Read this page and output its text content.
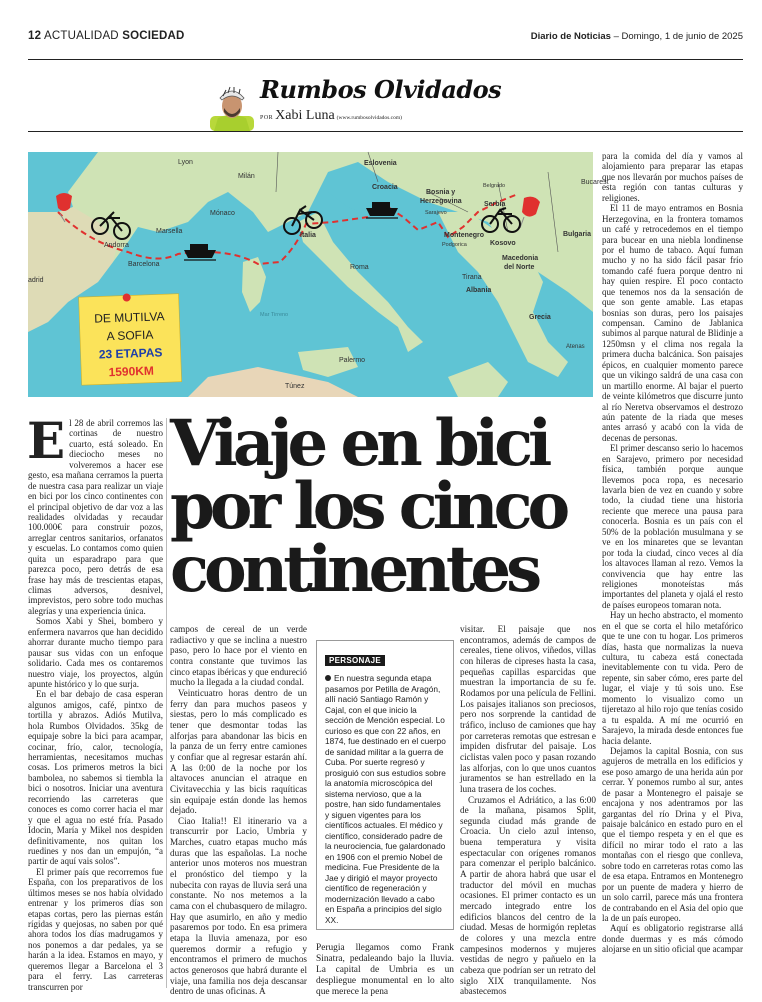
12 ACTUALIDAD SOCIEDAD	Diario de Noticias – Domingo, 1 de junio de 2025
Rumbos Olvidados
POR Xabi Luna (www.rumbosolvidados.com)
Lyon
Milán
Mónaco
Marsella
Andorra
Barcelona
adrid
Eslovenia
Croacia
Bosnia y
Herzegovina
Sarajevo
Belgrado
Serbia
Bucarest
Bulgaria
Montenegro
Podgorica	Kosovo
Macedonia
del Norte
Tirana
Albania
Grecia
Atenas
Roma
Italia
Mar Tirreno
Palermo
Túnez
DE MUTILVA
A SOFIA
23 ETAPAS
1590KM

El 28 de abril corremos las cortinas de nuestro cuarto, está soleado. En dieciocho meses no volveremos a hacer ese gesto, esa mañana cerramos la puerta de nuestra casa para realizar un viaje en bici por los cinco continentes con el principal objetivo de dar voz a las realidades olvidadas y recaudar 100.000€ para construir pozos, arreglar centros sanitarios, orfanatos y escuelas. Lo contamos como quien quita un esparadrapo para que parezca poco, pero detrás de esa frase hay más de trescientas etapas, climas adversos, desnivel, imprevistos, pero sobre todo muchas alegrías y una experiencia única.

Somos Xabi y Shei, bombero y enfermera navarros que han decidido ahorrar durante mucho tiempo para pausar sus vidas con un enfoque solidario. Cada mes os contaremos nuestro viaje, los proyectos, algún apunte histórico y lo que surja.

En el bar debajo de casa esperan algunos amigos, café, pintxo de tortilla y abrazos. Adiós Mutilva, hola Rumbos Olvidados. 35kg de equipaje sobre la bici para acampar, cocinar, frío, calor, tecnología, herramientas, necesitamos muchas cosas. Los primeros metros la bici bambolea, no sabemos si tiembla la bici o nosotros. Iniciar una aventura recorriendo las carreteras que conoces es como correr hacia el mar y que el agua no esté fría. Pasado Idocin, María y Mikel nos despiden definitivamente, nos quitan los ruedines y nos dan un empujón, “a partir de aquí vais solos”.

El primer país que recorremos fue España, con los preparativos de los últimos meses se nos había olvidado entrenar y los primeros días son etapas cortas, pero las piernas están rígidas y quejosas, no saben por qué ahora todos los días madrugamos y nos ponemos a dar pedales, ya se harán a la idea. Estamos en mayo, y queremos llegar a Barcelona el 3 para el ferry. Las carreteras transcurren por

Viaje en bici
por los cinco
continentes

campos de cereal de un verde radiactivo y que se inclina a nuestro paso, pero lo hace por el viento en contra constante que tuvimos las cinco etapas ibéricas y que endureció mucho la llegada a la ciudad condal.

Veinticuatro horas dentro de un ferry dan para muchos paseos y siestas, pero lo más complicado es tener que desmontar todas las alforjas para abandonar las bicis en la panza de un ferry entre camiones y confiar que al regresar estarán ahí. A las 0:00 de la noche por los altavoces anuncian el atraque en Civitavecchia y las bicis raquíticas sin equipaje están donde las hemos dejado.

Ciao Italia!! El itinerario va a transcurrir por Lacio, Umbria y Marches, cuatro etapas mucho más duras que las españolas. La noche anterior unos moteros nos muestran el pronóstico del tiempo y la nubecita con rayas de lluvia será una constante. No nos metemos a la cama con el chubasquero de milagro. Hay que asumirlo, en año y medio pasaremos por todo. En esa primera etapa la lluvia amenaza, por eso queremos dormir a refugio y encontramos el primero de muchos actos generosos que habrá durante el viaje, una familia nos deja descansar dentro de unas oficinas. A

PERSONAJE
En nuestra segunda etapa pasamos por Petilla de Aragón, allí nació Santiago Ramón y Cajal, con el que inicio la sección de Mención especial. Lo curioso es que con 22 años, en 1874, fue destinado en el cuerpo de sanidad militar a la guerra de Cuba. Por suerte regresó y prosiguió con sus estudios sobre la anatomía microscópica del sistema nervioso, que a la postre, han sido fundamentales y siguen vigentes para los científicos actuales. El médico y científico, considerado padre de la neurociencia, fue galardonado en 1906 con el premio Nobel de medicina. Fue Presidente de la Jae y dirigió el mayor proyecto científico de regeneración y modernización llevado a cabo en España a principios del siglo XX.

Perugia llegamos como Frank Sinatra, pedaleando bajo la lluvia. La capital de Umbria es un despliegue monumental en lo alto que merece la pena

visitar. El paisaje que nos encontramos, además de campos de cereales, tiene olivos, viñedos, villas con hileras de cipreses hasta la casa, pequeñas capillas esparcidas que muestran la importancia de su fe. Rodamos por una película de Fellini. Los paisajes italianos son preciosos, pero nos sorprende la cantidad de tráfico, incluso de camiones que hay por carreteras remotas que estresan e impiden disfrutar del paisaje. Los ciclistas valen poco y pasan rozando las alforjas, con lo que unos cuantos juramentos se han estrellado en la luna trasera de los coches.

Cruzamos el Adriático, a las 6:00 de la mañana, pisamos Split, segunda ciudad más grande de Croacia. Un cielo azul intenso, buena temperatura y visita espectacular con orígenes romanos para comenzar el periplo balcánico. A partir de ahora habrá que usar el traductor del móvil en muchas ocasiones. El primer contacto es un mercado integrado entre los edificios blancos del centro de la ciudad. Mesas de hormigón repletas de colores y una mezcla entre campesinos modernos y mujeres vestidas de negro y pañuelo en la cabeza que podrían ser un retrato del siglo XIX tranquilamente. Nos abastecemos

para la comida del día y vamos al alojamiento para preparar las etapas que nos llevarán por muchos países de esta región con tantas culturas y religiones.

El 11 de mayo entramos en Bosnia Herzegovina, en la frontera tomamos un café y retrocedemos en el tiempo para bucear en una niebla londinense por el humo de tabaco. Aquí fuman mucho y no ha sido fácil pasar frío tomando café fuera porque dentro ni hay quien respire. El poco contacto que tenemos nos da la sensación de que son gente amable. Las etapas bosnias son duras, pero los paisajes compensan. Camino de Jablanica subimos al parque natural de Blidinje a 1250msn y el clima nos regala la primera ducha balcánica. Son paisajes épicos, en cualquier momento parece que un vikingo saldrá de una casa con un martillo enorme. Al bajar el puerto de veinte kilómetros que discurre junto al río Neretva observamos el destrozo aún patente de la riada que meses antes arrasó y acabó con la vida de decenas de personas.

El primer descanso serio lo hacemos en Sarajevo, primero por necesidad física, también porque aunque llevemos poca ropa, es necesario lavarla bien de vez en cuando y sobre todo, la ciudad tiene una historia reciente que merece una pausa para conocerla. Bosnia es un país con el 50% de la población musulmana y se ve en los minaretes que se levantan por toda la ciudad, cinco veces al día los altavoces llaman al rezo. Vemos la convivencia que hay entre las religiones monoteístas más importantes del planeta y ojalá el resto de países europeos tomaran nota.

Hay un hecho abstracto, el momento en el que se corta el hilo metafórico que te une con tu hogar. Los primeros días, hasta que normalizas la nueva cultura, tu cabeza está conectada inevitablemente con tu vida. Pero de repente, sin saber cómo, eres parte del lugar, el viaje y tú sois uno. Ese momento lo visualizo como un tijeretazo al hilo rojo que tenías cosido a tu espalda. A mí me ocurrió en Sarajevo, la mirada desde entonces fue hacia delante.

Dejamos la capital Bosnia, con sus agujeros de metralla en los edificios y ese poso amargo de una herida aún por cerrar. Y ponemos rumbo al sur, antes de pasar a Montenegro el paisaje se encajona y nos adentramos por las gargantas del río Drina y el Piva, paisaje balcánico en estado puro en el que el tiempo respeta y en el que es difícil no mirar todo el rato a las montañas con el riesgo que conlleva, sobre todo en carreteras rotas como las de esa etapa. Entramos en Montenegro por un puente de madera y hierro de un solo carril, parece más una frontera de contrabando en el Asia del opio que la de un país europeo.

Aquí es obligatorio registrarse allá donde duermas y es más cómodo alojarse en un sitio oficial que acampar
